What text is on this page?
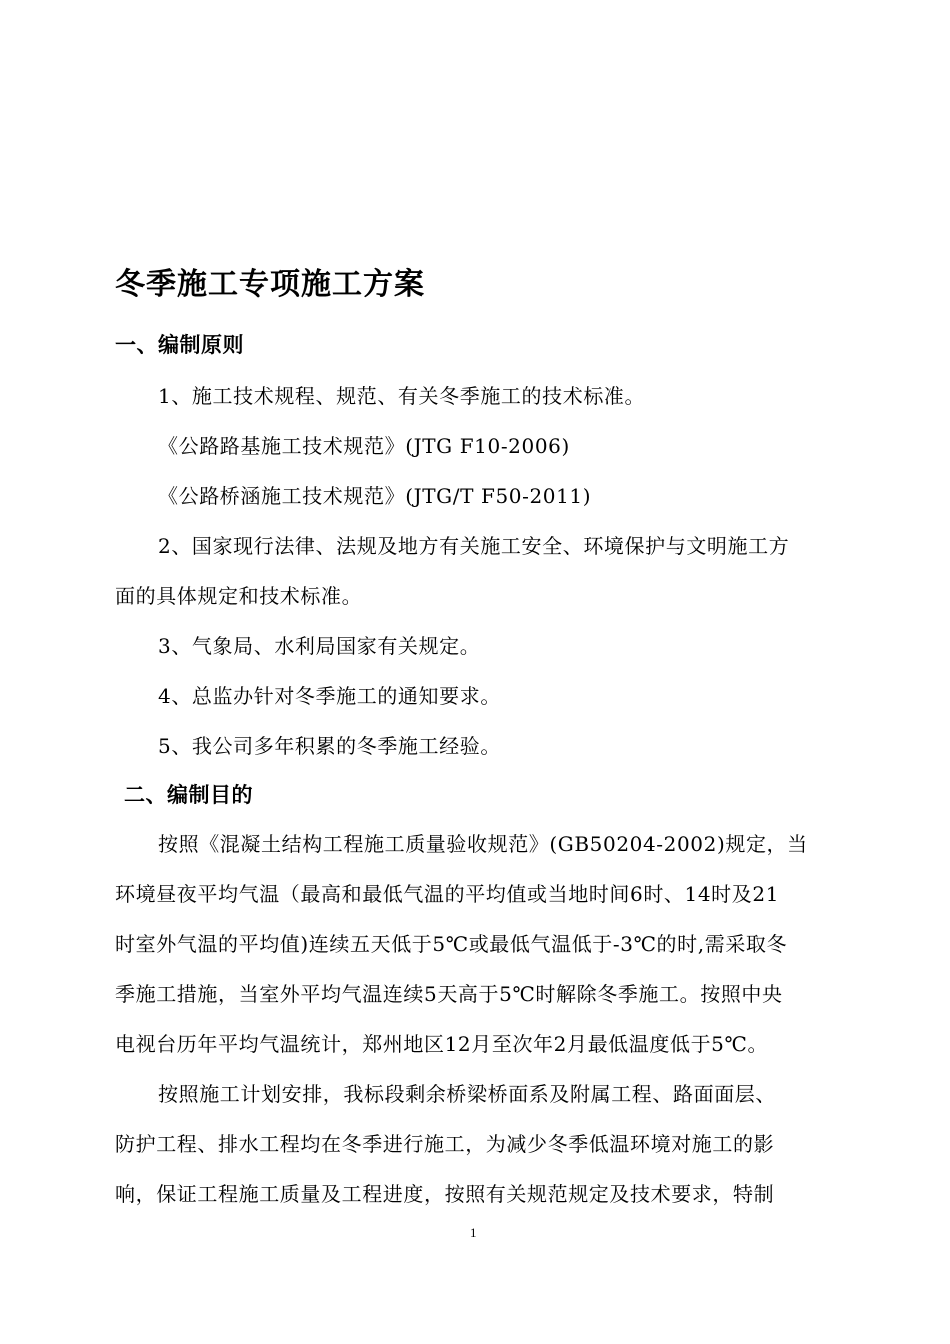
冬季施工专项施工方案
一、编制原则
1、施工技术规程、规范、有关冬季施工的技术标准。
《公路路基施工技术规范》(JTG F10-2006)
《公路桥涵施工技术规范》(JTG/T F50-2011)
2、国家现行法律、法规及地方有关施工安全、环境保护与文明施工方
面的具体规定和技术标准。
3、气象局、水利局国家有关规定。
4、总监办针对冬季施工的通知要求。
5、我公司多年积累的冬季施工经验。
二、编制目的
按照《混凝土结构工程施工质量验收规范》(GB50204-2002)规定，当
环境昼夜平均气温（最高和最低气温的平均值或当地时间6时、14时及21
时室外气温的平均值)连续五天低于5℃或最低气温低于-3℃的时,需采取冬
季施工措施，当室外平均气温连续5天高于5℃时解除冬季施工。按照中央
电视台历年平均气温统计，郑州地区12月至次年2月最低温度低于5℃。
按照施工计划安排，我标段剩余桥梁桥面系及附属工程、路面面层、
防护工程、排水工程均在冬季进行施工，为减少冬季低温环境对施工的影
响，保证工程施工质量及工程进度，按照有关规范规定及技术要求，特制
1
